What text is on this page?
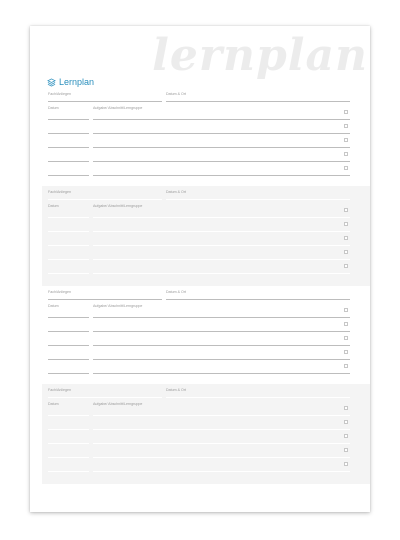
lernplan
Lernplan
Fach/Anliegen	Datum & Ort
Datum	Aufgabe/ Abschnitt/Lerngruppe
Fach/Anliegen	Datum & Ort
Datum	Aufgabe/ Abschnitt/Lerngruppe
Fach/Anliegen	Datum & Ort
Datum	Aufgabe/ Abschnitt/Lerngruppe
Fach/Anliegen	Datum & Ort
Datum	Aufgabe/ Abschnitt/Lerngruppe
